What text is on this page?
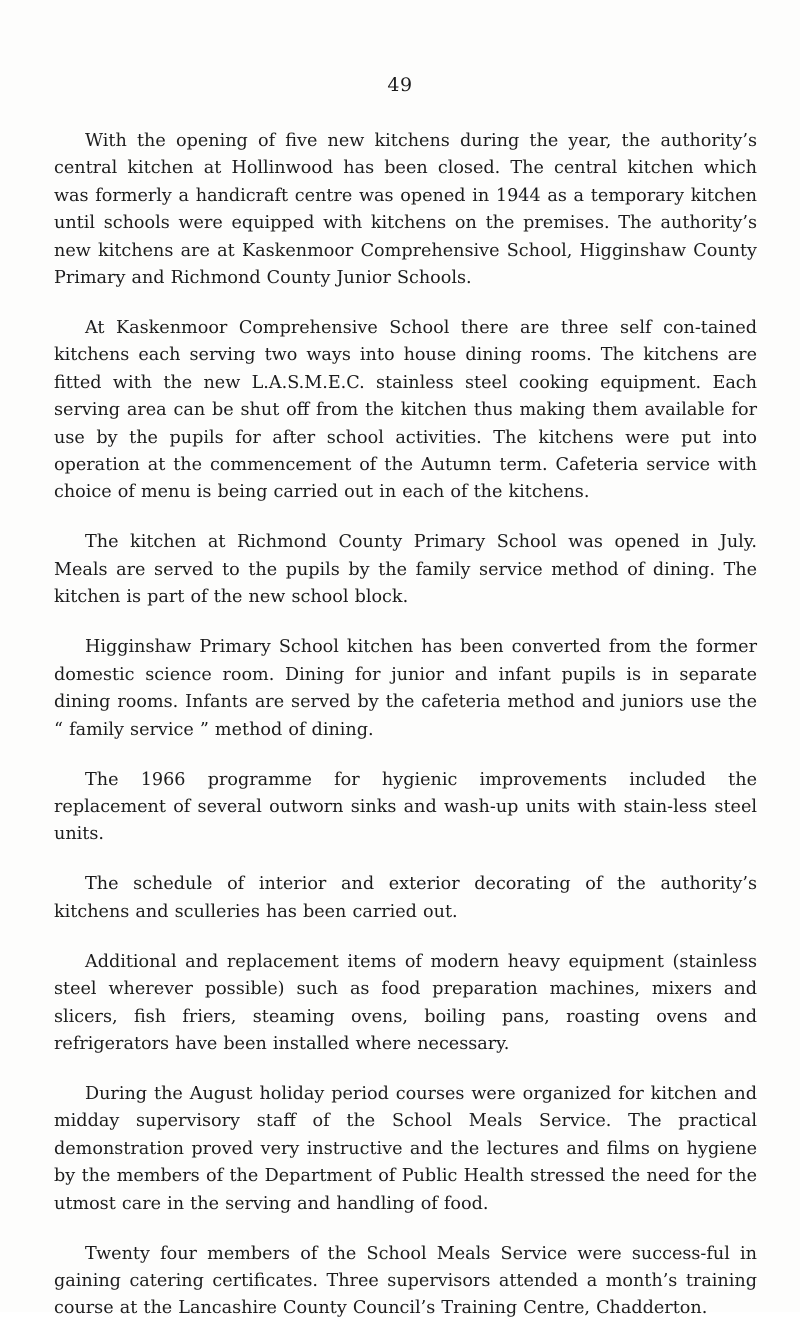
49

With the opening of five new kitchens during the year, the authority’s central kitchen at Hollinwood has been closed. The central kitchen which was formerly a handicraft centre was opened in 1944 as a temporary kitchen until schools were equipped with kitchens on the premises. The authority’s new kitchens are at Kaskenmoor Comprehensive School, Higginshaw County Primary and Richmond County Junior Schools.

At Kaskenmoor Comprehensive School there are three self con-tained kitchens each serving two ways into house dining rooms. The kitchens are fitted with the new L.A.S.M.E.C. stainless steel cooking equipment. Each serving area can be shut off from the kitchen thus making them available for use by the pupils for after school activities. The kitchens were put into operation at the commencement of the Autumn term. Cafeteria service with choice of menu is being carried out in each of the kitchens.

The kitchen at Richmond County Primary School was opened in July. Meals are served to the pupils by the family service method of dining. The kitchen is part of the new school block.

Higginshaw Primary School kitchen has been converted from the former domestic science room. Dining for junior and infant pupils is in separate dining rooms. Infants are served by the cafeteria method and juniors use the “ family service ” method of dining.

The 1966 programme for hygienic improvements included the replacement of several outworn sinks and wash-up units with stain-less steel units.

The schedule of interior and exterior decorating of the authority’s kitchens and sculleries has been carried out.

Additional and replacement items of modern heavy equipment (stainless steel wherever possible) such as food preparation machines, mixers and slicers, fish friers, steaming ovens, boiling pans, roasting ovens and refrigerators have been installed where necessary.

During the August holiday period courses were organized for kitchen and midday supervisory staff of the School Meals Service. The practical demonstration proved very instructive and the lectures and films on hygiene by the members of the Department of Public Health stressed the need for the utmost care in the serving and handling of food.

Twenty four members of the School Meals Service were success-ful in gaining catering certificates. Three supervisors attended a month’s training course at the Lancashire County Council’s Training Centre, Chadderton.
